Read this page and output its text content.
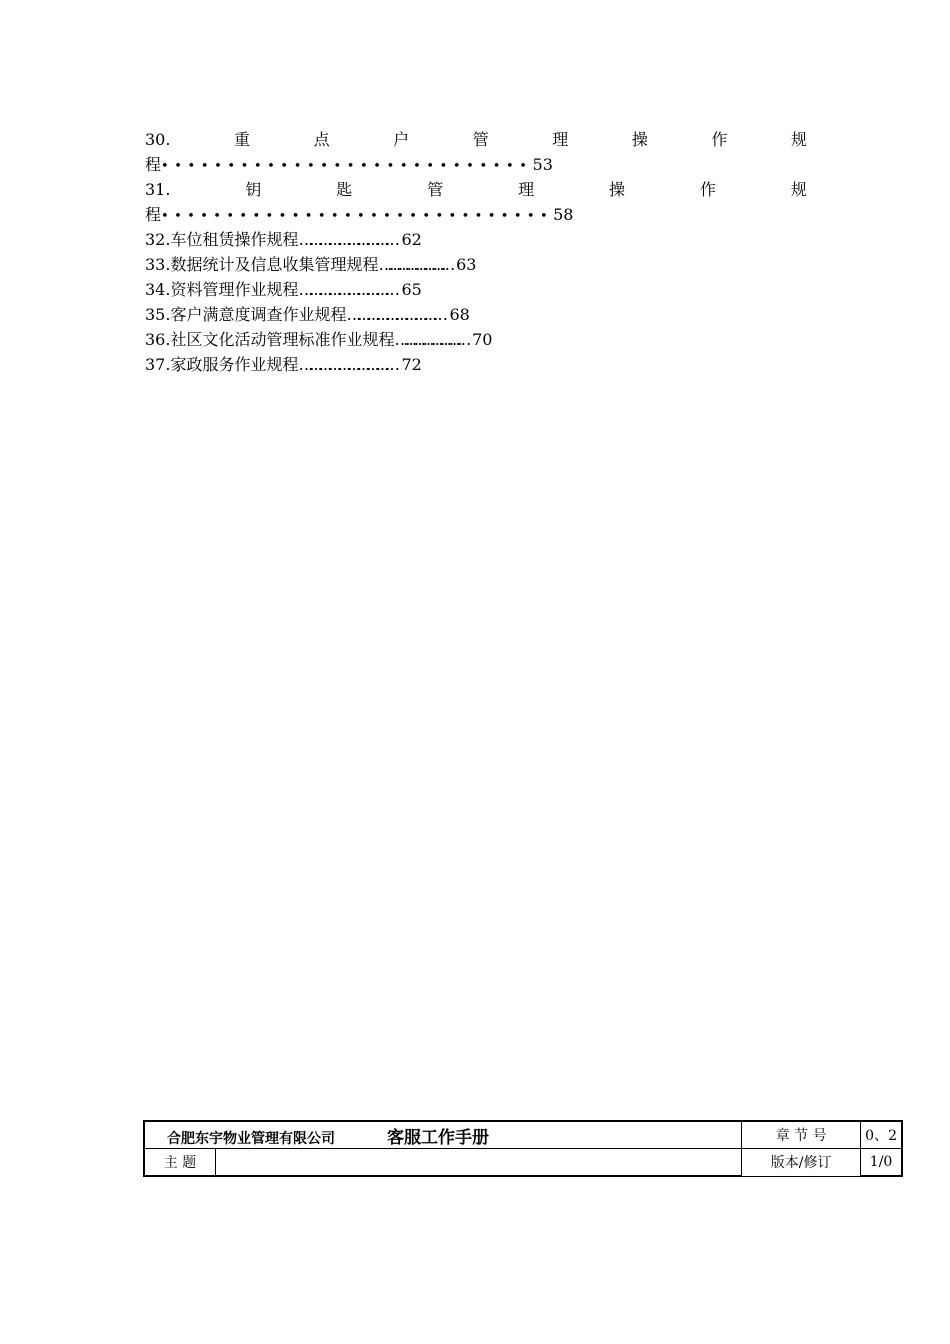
30.	重	点	户	管	理	操	作	规
程••••••••••••••••••••••••••••53
31.	钥	匙	管	理	操	作	规
程••••••••••••••••••••••••••••••58
32.车位租赁操作规程………………………… 62
33.数据统计及信息收集管理规程…………………… 63
34.资料管理作业规程………………………… 65
35.客户满意度调查作业规程………………………… 68
36.社区文化活动管理标准作业规程…………………… 70
37.家政服务作业规程………………………… 72
合肥东宇物业管理有限公司 客服工作手册		章 节 号	0、2
主 题		版本/修订	1/0
